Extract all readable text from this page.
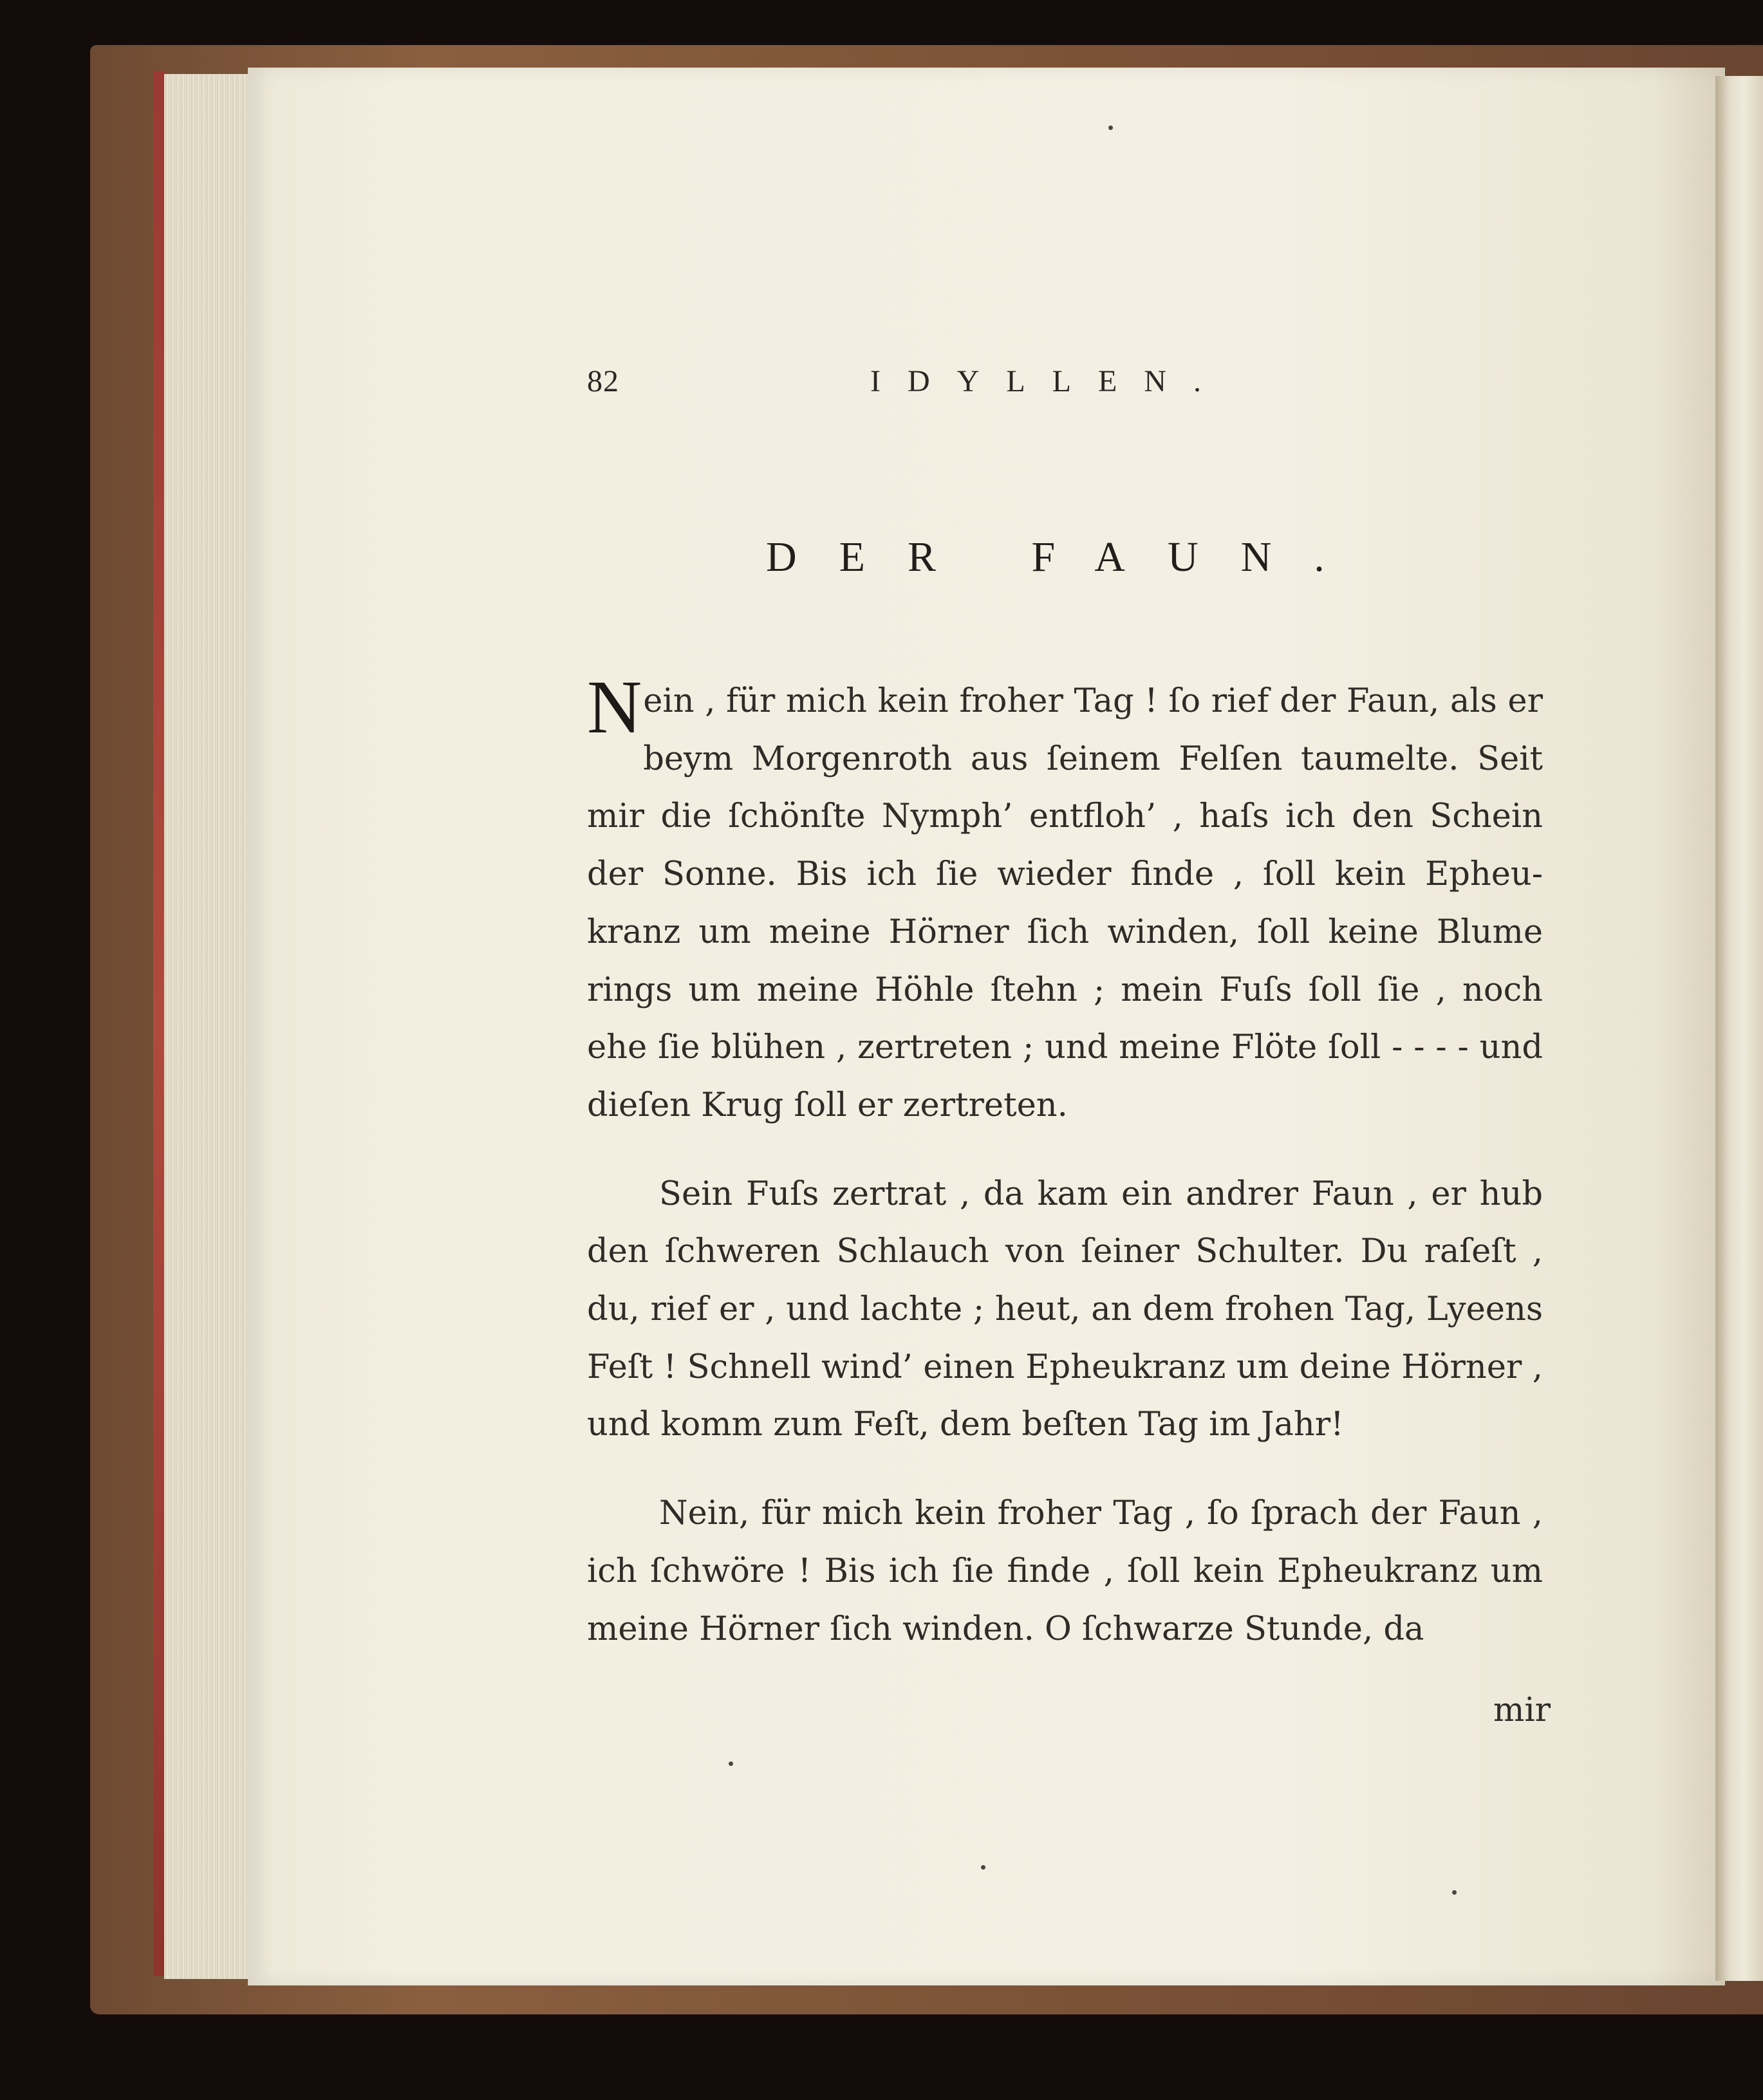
82	IDYLLEN.
DER FAUN.

Nein , für mich kein froher Tag ! ſo rief der Faun, als er beym Morgenroth aus ſeinem Felſen taumelte. Seit mir die ſchönſte Nymph’ entfloh’ , haſs ich den Schein der Sonne. Bis ich ſie wieder finde , ſoll kein Epheu- kranz um meine Hörner ſich winden, ſoll keine Blume rings um meine Höhle ſtehn ; mein Fuſs ſoll ſie , noch ehe ſie blühen , zertreten ; und meine Flöte ſoll - - - - und dieſen Krug ſoll er zertreten.

Sein Fuſs zertrat , da kam ein andrer Faun , er hub den ſchweren Schlauch von ſeiner Schulter. Du raſeſt , du, rief er , und lachte ; heut, an dem frohen Tag, Lyeens Feſt ! Schnell wind’ einen Epheukranz um deine Hörner , und komm zum Feſt, dem beſten Tag im Jahr!

Nein, für mich kein froher Tag , ſo ſprach der Faun , ich ſchwöre ! Bis ich ſie finde , ſoll kein Epheukranz um meine Hörner ſich winden. O ſchwarze Stunde, da

mir
